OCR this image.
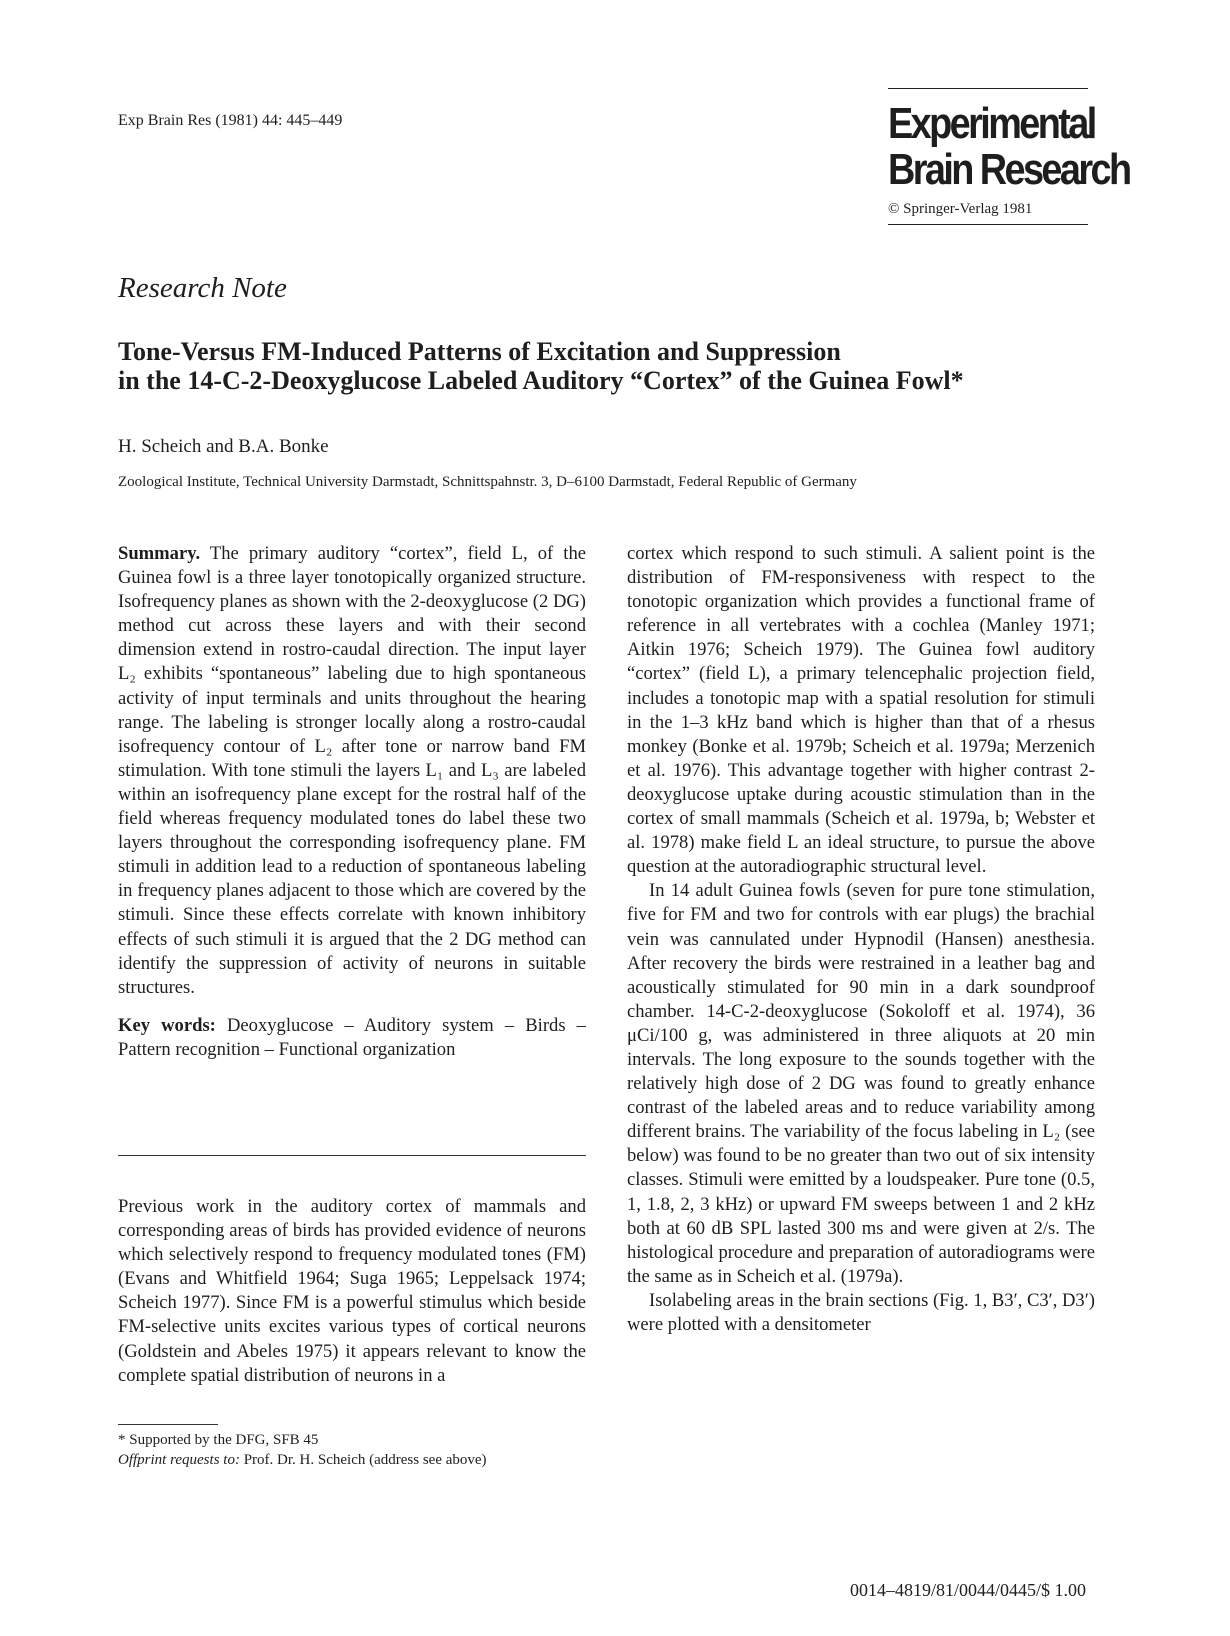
Exp Brain Res (1981) 44: 445–449	Experimental
Brain Research
© Springer-Verlag 1981
Research Note
Tone-Versus FM-Induced Patterns of Excitation and Suppression
in the 14-C-2-Deoxyglucose Labeled Auditory “Cortex” of the Guinea Fowl*
H. Scheich and B.A. Bonke
Zoological Institute, Technical University Darmstadt, Schnittspahnstr. 3, D–6100 Darmstadt, Federal Republic of Germany

Summary. The primary auditory “cortex”, field L, of the Guinea fowl is a three layer tonotopically organized structure. Isofrequency planes as shown with the 2-deoxyglucose (2 DG) method cut across these layers and with their second dimension extend in rostro-caudal direction. The input layer L₂ exhibits “spontaneous” labeling due to high spontaneous activity of input terminals and units throughout the hearing range. The labeling is stronger locally along a rostro-caudal isofrequency contour of L₂ after tone or narrow band FM stimulation. With tone stimuli the layers L₁ and L₃ are labeled within an isofrequency plane except for the rostral half of the field whereas frequency modulated tones do label these two layers throughout the corresponding isofrequency plane. FM stimuli in addition lead to a reduction of spontaneous labeling in frequency planes adjacent to those which are covered by the stimuli. Since these effects correlate with known inhibitory effects of such stimuli it is argued that the 2 DG method can identify the suppression of activity of neurons in suitable structures.

Key words: Deoxyglucose – Auditory system – Birds – Pattern recognition – Functional organization

Previous work in the auditory cortex of mammals and corresponding areas of birds has provided evidence of neurons which selectively respond to frequency modulated tones (FM) (Evans and Whitfield 1964; Suga 1965; Leppelsack 1974; Scheich 1977). Since FM is a powerful stimulus which beside FM-selective units excites various types of cortical neurons (Goldstein and Abeles 1975) it appears relevant to know the complete spatial distribution of neurons in a

cortex which respond to such stimuli. A salient point is the distribution of FM-responsiveness with respect to the tonotopic organization which provides a functional frame of reference in all vertebrates with a cochlea (Manley 1971; Aitkin 1976; Scheich 1979). The Guinea fowl auditory “cortex” (field L), a primary telencephalic projection field, includes a tonotopic map with a spatial resolution for stimuli in the 1–3 kHz band which is higher than that of a rhesus monkey (Bonke et al. 1979b; Scheich et al. 1979a; Merzenich et al. 1976). This advantage together with higher contrast 2-deoxyglucose uptake during acoustic stimulation than in the cortex of small mammals (Scheich et al. 1979a, b; Webster et al. 1978) make field L an ideal structure, to pursue the above question at the autoradiographic structural level.

In 14 adult Guinea fowls (seven for pure tone stimulation, five for FM and two for controls with ear plugs) the brachial vein was cannulated under Hypnodil (Hansen) anesthesia. After recovery the birds were restrained in a leather bag and acoustically stimulated for 90 min in a dark soundproof chamber. 14-C-2-deoxyglucose (Sokoloff et al. 1974), 36 μCi/100 g, was administered in three aliquots at 20 min intervals. The long exposure to the sounds together with the relatively high dose of 2 DG was found to greatly enhance contrast of the labeled areas and to reduce variability among different brains. The variability of the focus labeling in L₂ (see below) was found to be no greater than two out of six intensity classes. Stimuli were emitted by a loudspeaker. Pure tone (0.5, 1, 1.8, 2, 3 kHz) or upward FM sweeps between 1 and 2 kHz both at 60 dB SPL lasted 300 ms and were given at 2/s. The histological procedure and preparation of autoradiograms were the same as in Scheich et al. (1979a).

Isolabeling areas in the brain sections (Fig. 1, B3′, C3′, D3′) were plotted with a densitometer

* Supported by the DFG, SFB 45
Offprint requests to: Prof. Dr. H. Scheich (address see above)
0014–4819/81/0044/0445/$ 1.00
